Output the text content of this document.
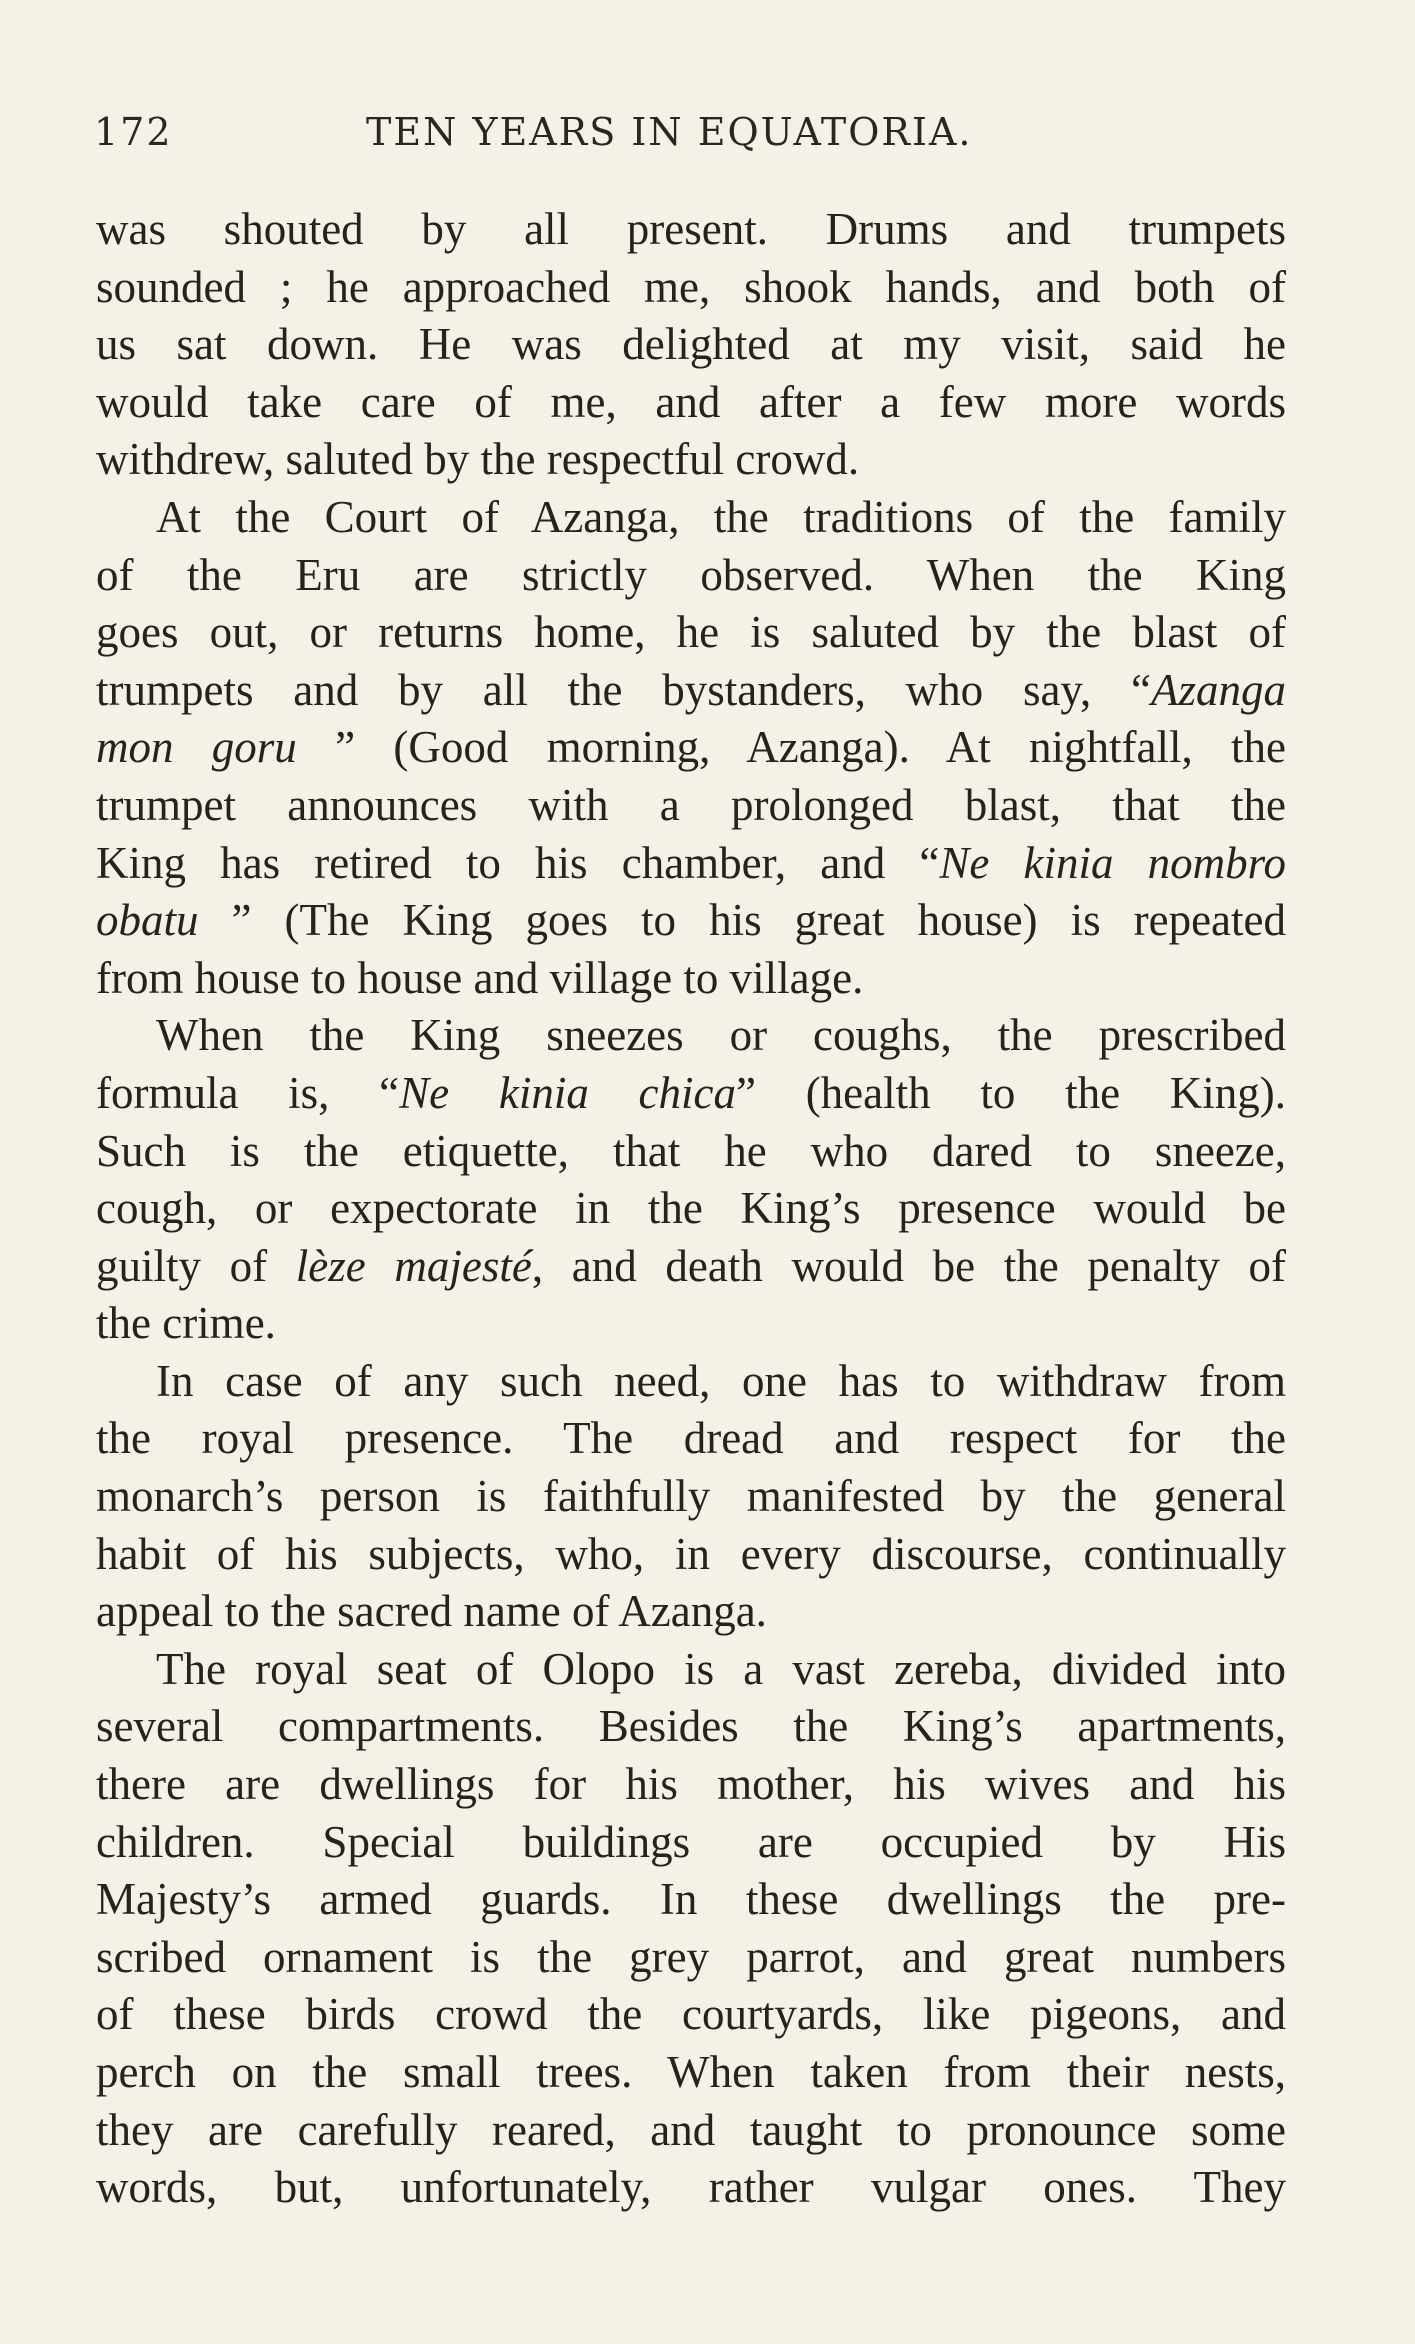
172	TEN YEARS IN EQUATORIA.
was shouted by all present. Drums and trumpets
sounded ; he approached me, shook hands, and both of
us sat down. He was delighted at my visit, said he
would take care of me, and after a few more words
withdrew, saluted by the respectful crowd.
At the Court of Azanga, the traditions of the family
of the Eru are strictly observed. When the King
goes out, or returns home, he is saluted by the blast of
trumpets and by all the bystanders, who say, “Azanga
mon goru ” (Good morning, Azanga). At nightfall, the
trumpet announces with a prolonged blast, that the
King has retired to his chamber, and “Ne kinia nombro
obatu ” (The King goes to his great house) is repeated
from house to house and village to village.
When the King sneezes or coughs, the prescribed
formula is, “Ne kinia chica” (health to the King).
Such is the etiquette, that he who dared to sneeze,
cough, or expectorate in the King’s presence would be
guilty of lèze majesté, and death would be the penalty of
the crime.
In case of any such need, one has to withdraw from
the royal presence. The dread and respect for the
monarch’s person is faithfully manifested by the general
habit of his subjects, who, in every discourse, continually
appeal to the sacred name of Azanga.
The royal seat of Olopo is a vast zereba, divided into
several compartments. Besides the King’s apartments,
there are dwellings for his mother, his wives and his
children. Special buildings are occupied by His
Majesty’s armed guards. In these dwellings the pre-
scribed ornament is the grey parrot, and great numbers
of these birds crowd the courtyards, like pigeons, and
perch on the small trees. When taken from their nests,
they are carefully reared, and taught to pronounce some
words, but, unfortunately, rather vulgar ones. They
